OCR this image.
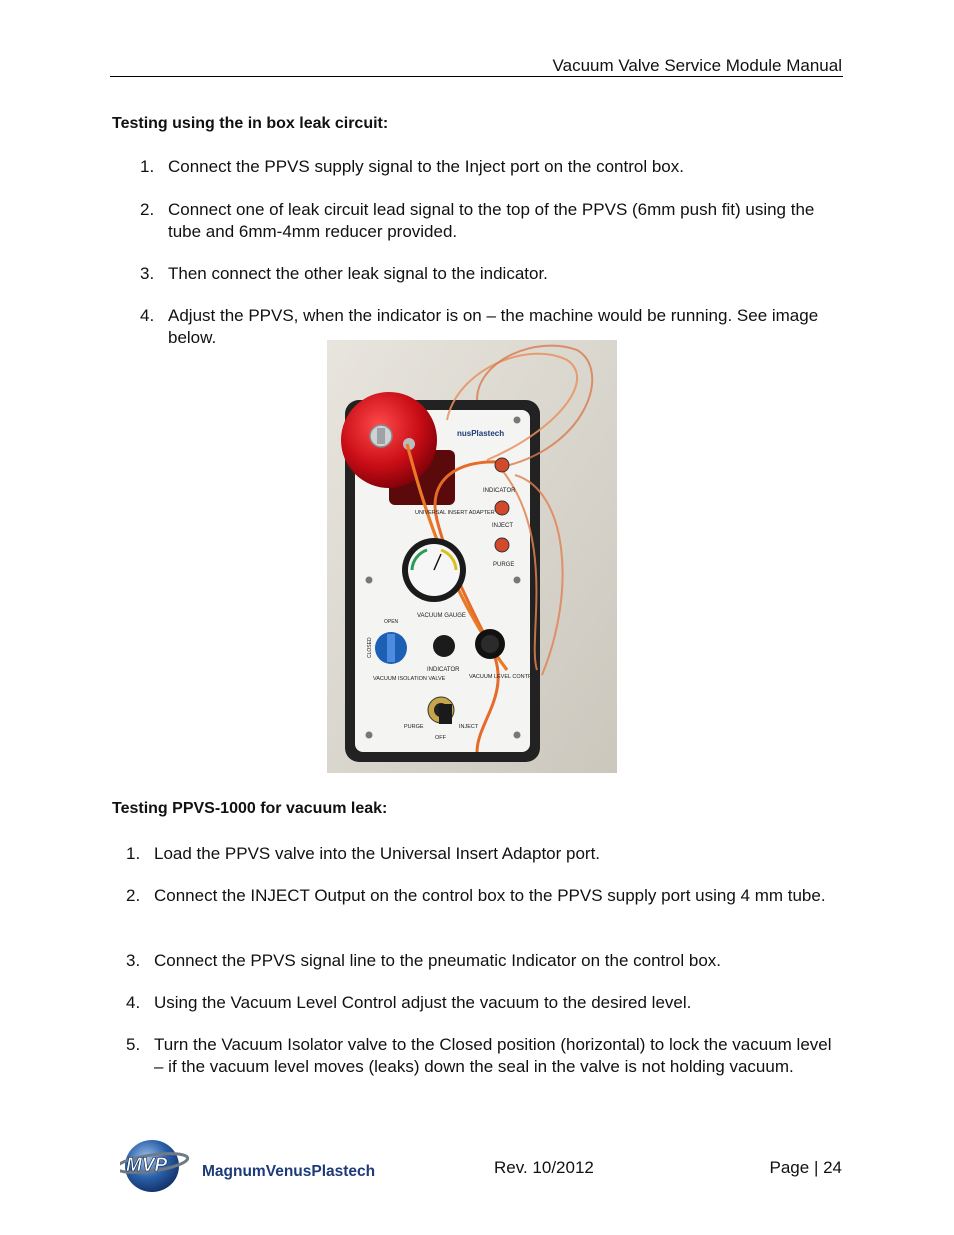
Vacuum Valve Service Module Manual
Testing using the in box leak circuit:
1. Connect the PPVS supply signal to the Inject port on the control box.
2. Connect one of leak circuit lead signal to the top of the PPVS (6mm push fit) using the tube and 6mm-4mm reducer provided.
3. Then connect the other leak signal to the indicator.
4. Adjust the PPVS, when the indicator is on – the machine would be running. See image below.
nusPlastech
INDICATOR
INJECT
PURGE
UNIVERSAL INSERT ADAPTER
VACUUM GAUGE
OPEN
CLOSED
VACUUM ISOLATION VALVE
INDICATOR
VACUUM LEVEL CONTROL
PURGE	INJECT
OFF
Testing PPVS-1000 for vacuum leak:
1. Load the PPVS valve into the Universal Insert Adaptor port.
2. Connect the INJECT Output on the control box to the PPVS supply port using 4 mm tube.
3. Connect the PPVS signal line to the pneumatic Indicator on the control box.
4. Using the Vacuum Level Control adjust the vacuum to the desired level.
5. Turn the Vacuum Isolator valve to the Closed position (horizontal) to lock the vacuum level – if the vacuum level moves (leaks) down the seal in the valve is not holding vacuum.
MVP MagnumVenusPlastech	Rev. 10/2012	Page | 24
